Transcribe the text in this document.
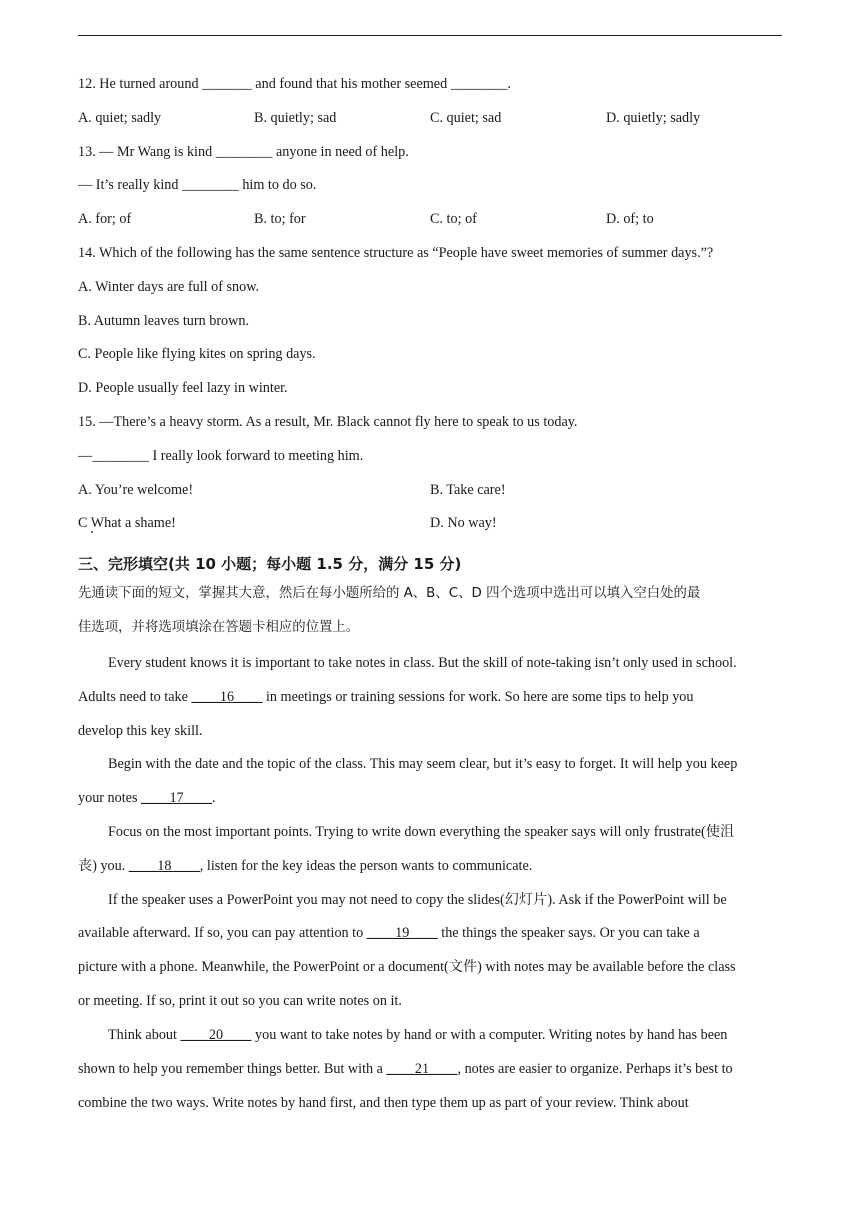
12. He turned around _______ and found that his mother seemed ________.
A. quiet; sadly	B. quietly; sad	C. quiet; sad	D. quietly; sadly
13. — Mr Wang is kind ________ anyone in need of help.
— It’s really kind ________ him to do so.
A. for; of	B. to; for	C. to; of	D. of; to
14. Which of the following has the same sentence structure as “People have sweet memories of summer days.”?
A. Winter days are full of snow.
B. Autumn leaves turn brown.
C. People like flying kites on spring days.
D. People usually feel lazy in winter.
15. —There’s a heavy storm. As a result, Mr. Black cannot fly here to speak to us today.
—________ I really look forward to meeting him.
A. You’re welcome!	B. Take care!
C What a shame!	D. No way!
三、完形填空(共 10 小题；每小题 1.5 分，满分 15 分)
先通读下面的短文，掌握其大意，然后在每小题所给的 A、B、C、D 四个选项中选出可以填入空白处的最
佳选项，并将选项填涂在答题卡相应的位置上。
Every student knows it is important to take notes in class. But the skill of note-taking isn’t only used in school.
Adults need to take ____16____ in meetings or training sessions for work. So here are some tips to help you
develop this key skill.
Begin with the date and the topic of the class. This may seem clear, but it’s easy to forget. It will help you keep
your notes ____17____.
Focus on the most important points. Trying to write down everything the speaker says will only frustrate(使沮
丧) you. ____18____, listen for the key ideas the person wants to communicate.
If the speaker uses a PowerPoint you may not need to copy the slides(幻灯片). Ask if the PowerPoint will be
available afterward. If so, you can pay attention to ____19____ the things the speaker says. Or you can take a
picture with a phone. Meanwhile, the PowerPoint or a document(文件) with notes may be available before the class
or meeting. If so, print it out so you can write notes on it.
Think about ____20____ you want to take notes by hand or with a computer. Writing notes by hand has been
shown to help you remember things better. But with a ____21____, notes are easier to organize. Perhaps it’s best to
combine the two ways. Write notes by hand first, and then type them up as part of your review. Think about
